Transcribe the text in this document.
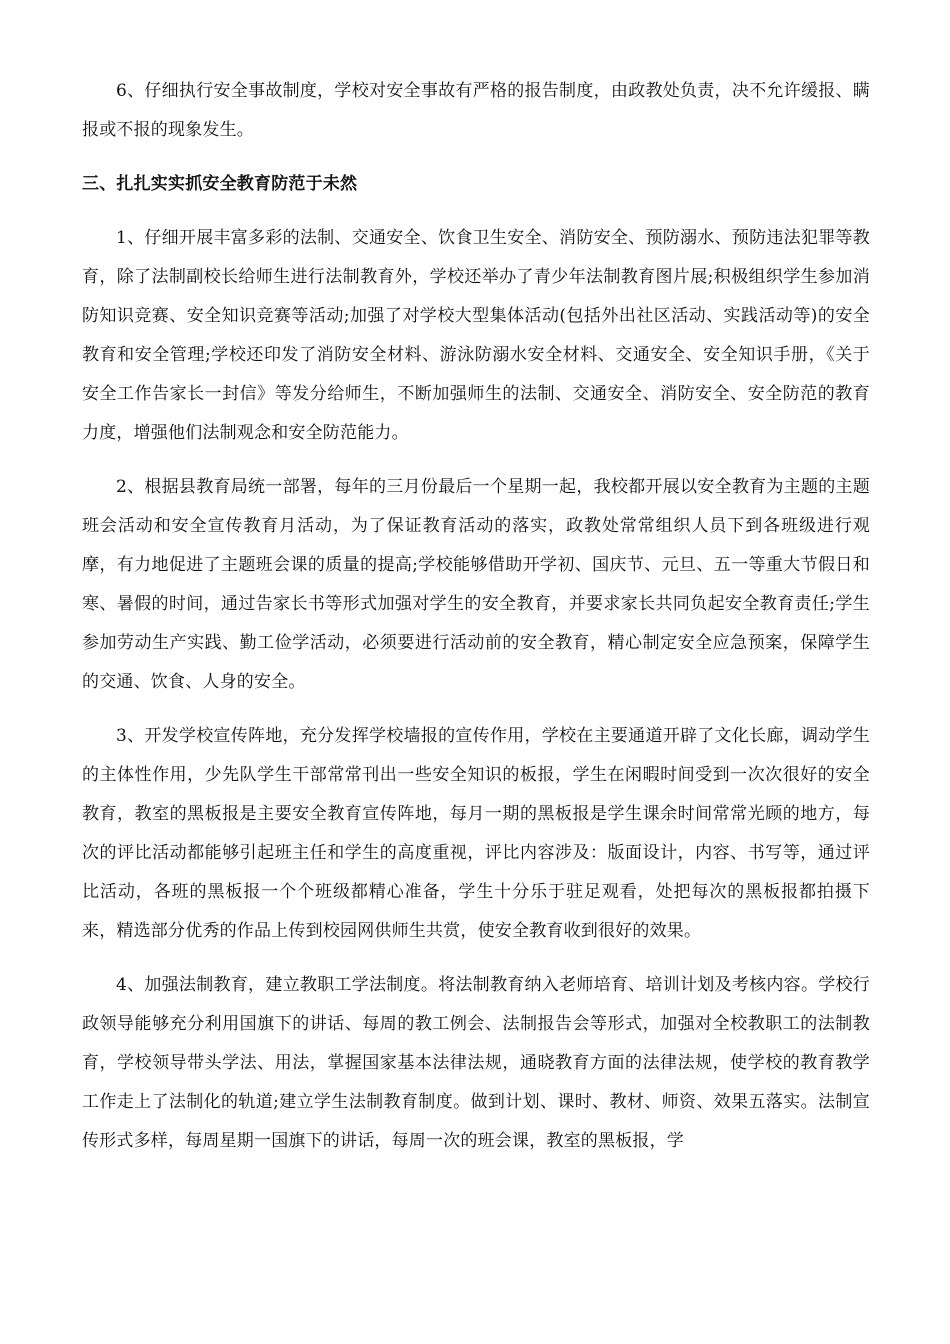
6、仔细执行安全事故制度，学校对安全事故有严格的报告制度，由政教处负责，决不允许缓报、瞒报或不报的现象发生。

三、扎扎实实抓安全教育防范于未然

1、仔细开展丰富多彩的法制、交通安全、饮食卫生安全、消防安全、预防溺水、预防违法犯罪等教育，除了法制副校长给师生进行法制教育外，学校还举办了青少年法制教育图片展;积极组织学生参加消防知识竞赛、安全知识竞赛等活动;加强了对学校大型集体活动(包括外出社区活动、实践活动等)的安全教育和安全管理;学校还印发了消防安全材料、游泳防溺水安全材料、交通安全、安全知识手册，《关于安全工作告家长一封信》等发分给师生，不断加强师生的法制、交通安全、消防安全、安全防范的教育力度，增强他们法制观念和安全防范能力。

2、根据县教育局统一部署，每年的三月份最后一个星期一起，我校都开展以安全教育为主题的主题班会活动和安全宣传教育月活动，为了保证教育活动的落实，政教处常常组织人员下到各班级进行观摩，有力地促进了主题班会课的质量的提高;学校能够借助开学初、国庆节、元旦、五一等重大节假日和寒、暑假的时间，通过告家长书等形式加强对学生的安全教育，并要求家长共同负起安全教育责任;学生参加劳动生产实践、勤工俭学活动，必须要进行活动前的安全教育，精心制定安全应急预案，保障学生的交通、饮食、人身的安全。

3、开发学校宣传阵地，充分发挥学校墙报的宣传作用，学校在主要通道开辟了文化长廊，调动学生的主体性作用，少先队学生干部常常刊出一些安全知识的板报，学生在闲暇时间受到一次次很好的安全教育，教室的黑板报是主要安全教育宣传阵地，每月一期的黑板报是学生课余时间常常光顾的地方，每次的评比活动都能够引起班主任和学生的高度重视，评比内容涉及：版面设计，内容、书写等，通过评比活动，各班的黑板报一个个班级都精心准备，学生十分乐于驻足观看，处把每次的黑板报都拍摄下来，精选部分优秀的作品上传到校园网供师生共赏，使安全教育收到很好的效果。

4、加强法制教育，建立教职工学法制度。将法制教育纳入老师培育、培训计划及考核内容。学校行政领导能够充分利用国旗下的讲话、每周的教工例会、法制报告会等形式，加强对全校教职工的法制教育，学校领导带头学法、用法，掌握国家基本法律法规，通晓教育方面的法律法规，使学校的教育教学工作走上了法制化的轨道;建立学生法制教育制度。做到计划、课时、教材、师资、效果五落实。法制宣传形式多样，每周星期一国旗下的讲话，每周一次的班会课，教室的黑板报，学
